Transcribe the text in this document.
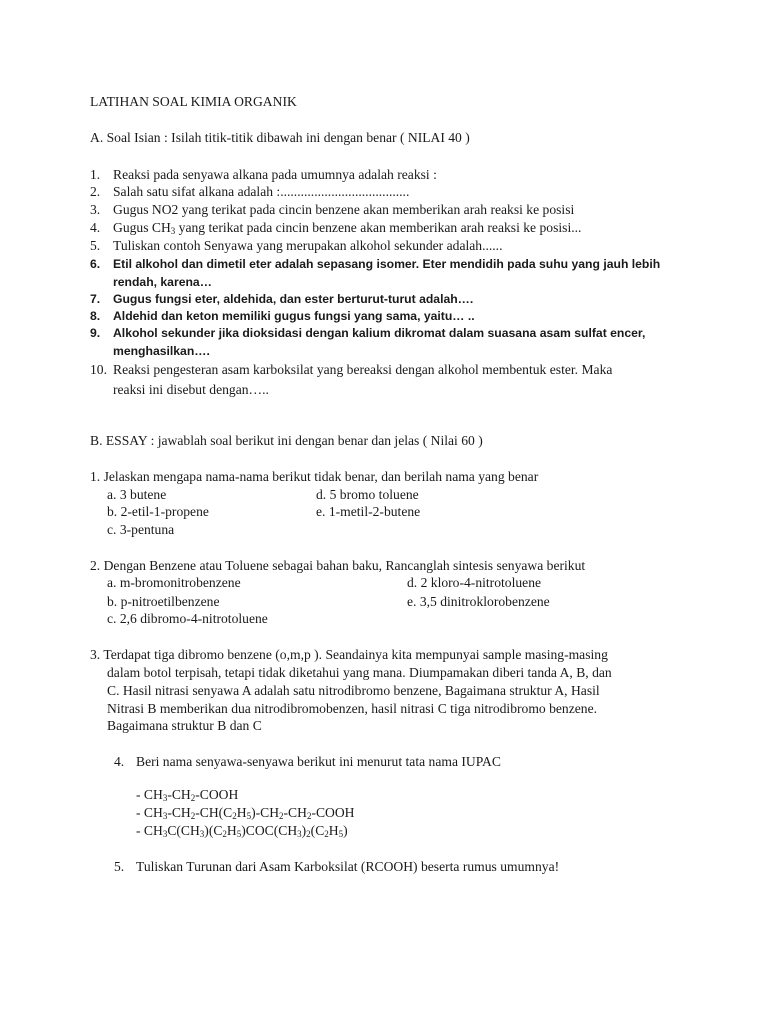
LATIHAN SOAL KIMIA ORGANIK
A. Soal Isian : Isilah titik-titik dibawah ini dengan benar ( NILAI 40 )
1. Reaksi pada senyawa alkana pada umumnya adalah reaksi :
2. Salah satu sifat alkana adalah :......................................
3. Gugus NO2 yang terikat pada cincin benzene akan memberikan arah reaksi ke posisi
4. Gugus $CH_3$ yang terikat pada cincin benzene akan memberikan arah reaksi ke posisi...
5. Tuliskan contoh Senyawa yang merupakan alkohol sekunder adalah......
6. Etil alkohol dan dimetil eter adalah sepasang isomer. Eter mendidih pada suhu yang jauh lebih
rendah, karena…
7. Gugus fungsi eter, aldehida, dan ester berturut-turut adalah….
8. Aldehid dan keton memiliki gugus fungsi yang sama, yaitu… ..
9. Alkohol sekunder jika dioksidasi dengan kalium dikromat dalam suasana asam sulfat encer,
menghasilkan….
10. Reaksi pengesteran asam karboksilat yang bereaksi dengan alkohol membentuk ester. Maka
reaksi ini disebut dengan…..
B. ESSAY : jawablah soal berikut ini dengan benar dan jelas ( Nilai 60 )
1. Jelaskan mengapa nama-nama berikut tidak benar, dan berilah nama yang benar
a. 3 butene	d. 5 bromo toluene
b. 2-etil-1-propene	e. 1-metil-2-butene
c. 3-pentuna
2. Dengan Benzene atau Toluene sebagai bahan baku, Rancanglah sintesis senyawa berikut
a. m-bromonitrobenzene	d. 2 kloro-4-nitrotoluene
b. p-nitroetilbenzene	e. 3,5 dinitroklorobenzene
c. 2,6 dibromo-4-nitrotoluene
3. Terdapat tiga dibromo benzene (o,m,p ). Seandainya kita mempunyai sample masing-masing
dalam botol terpisah, tetapi tidak diketahui yang mana. Diumpamakan diberi tanda A, B, dan
C. Hasil nitrasi senyawa A adalah satu nitrodibromo benzene, Bagaimana struktur A, Hasil
Nitrasi B memberikan dua nitrodibromobenzen, hasil nitrasi C tiga nitrodibromo benzene.
Bagaimana struktur B dan C
4. Beri nama senyawa-senyawa berikut ini menurut tata nama IUPAC
- $CH_3-CH_2$-COOH
- $CH_3-CH_2-CH(C_2H_5)-CH_2-CH_2$-COOH
- $CH_3C(CH_3)(C_2H_5)COC(CH_3)_2(C_2H_5)$
5. Tuliskan Turunan dari Asam Karboksilat (RCOOH) beserta rumus umumnya!
